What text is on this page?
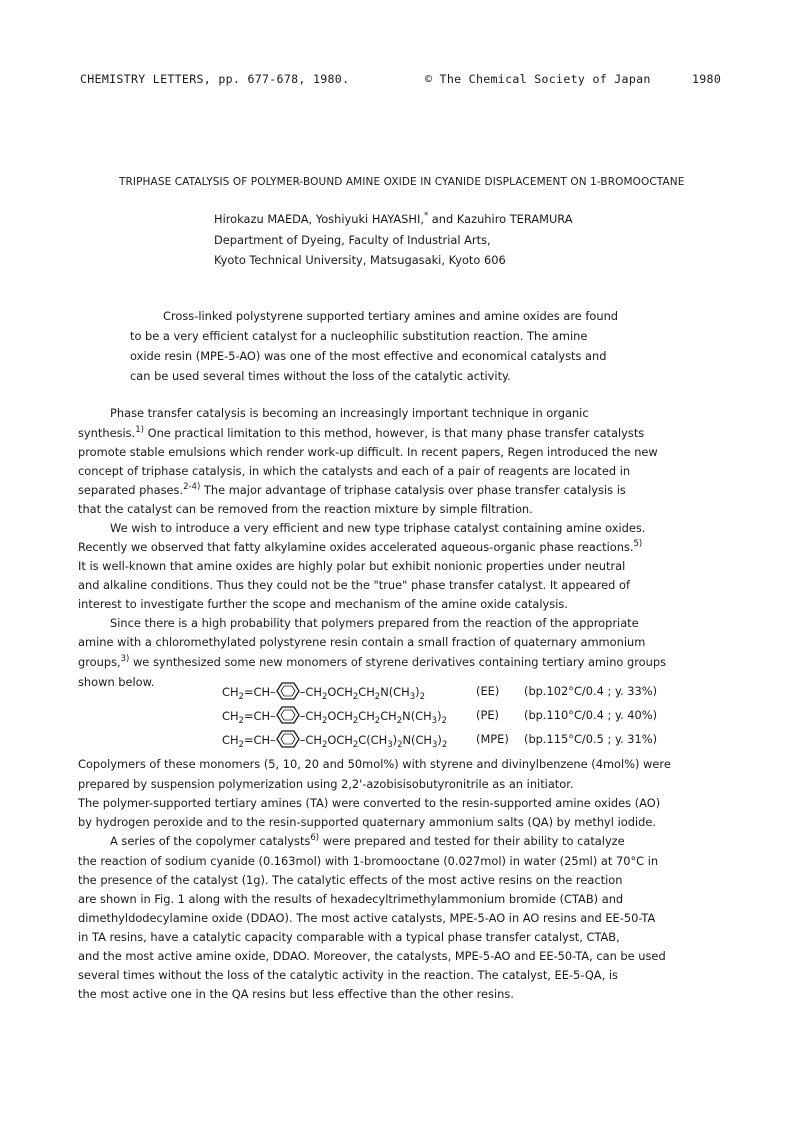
CHEMISTRY LETTERS, pp. 677-678, 1980.	© The Chemical Society of Japan	1980
TRIPHASE CATALYSIS OF POLYMER-BOUND AMINE OXIDE IN CYANIDE DISPLACEMENT ON 1-BROMOOCTANE
Hirokazu MAEDA, Yoshiyuki HAYASHI,* and Kazuhiro TERAMURA
Department of Dyeing, Faculty of Industrial Arts,
Kyoto Technical University, Matsugasaki, Kyoto 606
Cross-linked polystyrene supported tertiary amines and amine oxides are found
to be a very efficient catalyst for a nucleophilic substitution reaction. The amine
oxide resin (MPE-5-AO) was one of the most effective and economical catalysts and
can be used several times without the loss of the catalytic activity.
Phase transfer catalysis is becoming an increasingly important technique in organic
synthesis.$^{1)}$ One practical limitation to this method, however, is that many phase transfer catalysts
promote stable emulsions which render work-up difficult. In recent papers, Regen introduced the new
concept of triphase catalysis, in which the catalysts and each of a pair of reagents are located in
separated phases.$^{2-4)}$ The major advantage of triphase catalysis over phase transfer catalysis is
that the catalyst can be removed from the reaction mixture by simple filtration.
We wish to introduce a very efficient and new type triphase catalyst containing amine oxides.
Recently we observed that fatty alkylamine oxides accelerated aqueous-organic phase reactions.$^{5)}$
It is well-known that amine oxides are highly polar but exhibit nonionic properties under neutral
and alkaline conditions. Thus they could not be the "true" phase transfer catalyst. It appeared of
interest to investigate further the scope and mechanism of the amine oxide catalysis.
Since there is a high probability that polymers prepared from the reaction of the appropriate
amine with a chloromethylated polystyrene resin contain a small fraction of quaternary ammonium
groups,$^{3)}$ we synthesized some new monomers of styrene derivatives containing tertiary amino groups
shown below.
$CH_2=CH-$ $-CH_2OCH_2CH_2N(CH_3)_2$	(EE) (bp.102°C/0.4 ; y. 33%)
$CH_2=CH-$ $-CH_2OCH_2CH_2CH_2N(CH_3)_2$	(PE) (bp.110°C/0.4 ; y. 40%)
$CH_2=CH-$ $-CH_2OCH_2C(CH_3)_2N(CH_3)_2$	(MPE) (bp.115°C/0.5 ; y. 31%)
Copolymers of these monomers (5, 10, 20 and 50mol%) with styrene and divinylbenzene (4mol%) were
prepared by suspension polymerization using 2,2'-azobisisobutyronitrile as an initiator.
The polymer-supported tertiary amines (TA) were converted to the resin-supported amine oxides (AO)
by hydrogen peroxide and to the resin-supported quaternary ammonium salts (QA) by methyl iodide.
A series of the copolymer catalysts$^{6)}$ were prepared and tested for their ability to catalyze
the reaction of sodium cyanide (0.163mol) with 1-bromooctane (0.027mol) in water (25ml) at 70°C in
the presence of the catalyst (1g). The catalytic effects of the most active resins on the reaction
are shown in Fig. 1 along with the results of hexadecyltrimethylammonium bromide (CTAB) and
dimethyldodecylamine oxide (DDAO). The most active catalysts, MPE-5-AO in AO resins and EE-50-TA
in TA resins, have a catalytic capacity comparable with a typical phase transfer catalyst, CTAB,
and the most active amine oxide, DDAO. Moreover, the catalysts, MPE-5-AO and EE-50-TA, can be used
several times without the loss of the catalytic activity in the reaction. The catalyst, EE-5-QA, is
the most active one in the QA resins but less effective than the other resins.
